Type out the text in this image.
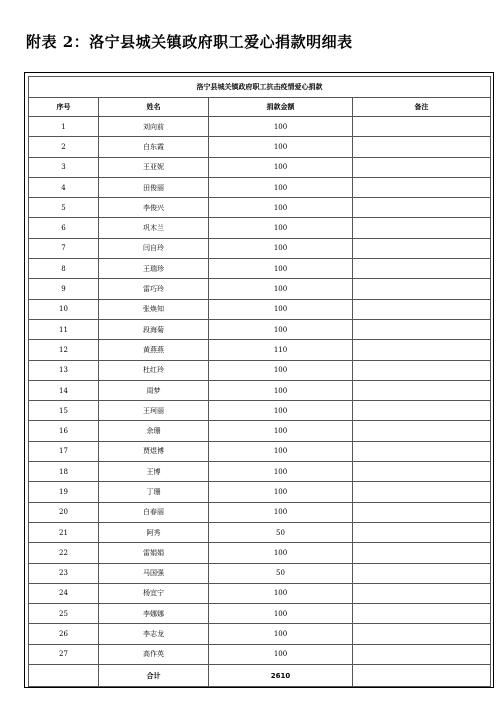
附表 2：洛宁县城关镇政府职工爱心捐款明细表
洛宁县城关镇政府职工抗击疫情爱心捐款			
序号	姓名	捐款金额	备注
1	刘向前	100	
2	白东霞	100	
3	王亚妮	100	
4	田俊丽	100	
5	李俊兴	100	
6	巩木兰	100	
7	闫自玲	100	
8	王瑞珍	100	
9	雷巧玲	100	
10	张焕知	100	
11	段海菊	100	
12	黄燕燕	110	
13	杜红玲	100	
14	周梦	100	
15	王珂丽	100	
16	余珊	100	
17	贾煜博	100	
18	王博	100	
19	丁珊	100	
20	白春丽	100	
21	阿秀	50	
22	雷娟娟	100	
23	马国强	50	
24	杨宜宁	100	
25	李娜娜	100	
26	李志龙	100	
27	高作英	100	
	合计	2610	
